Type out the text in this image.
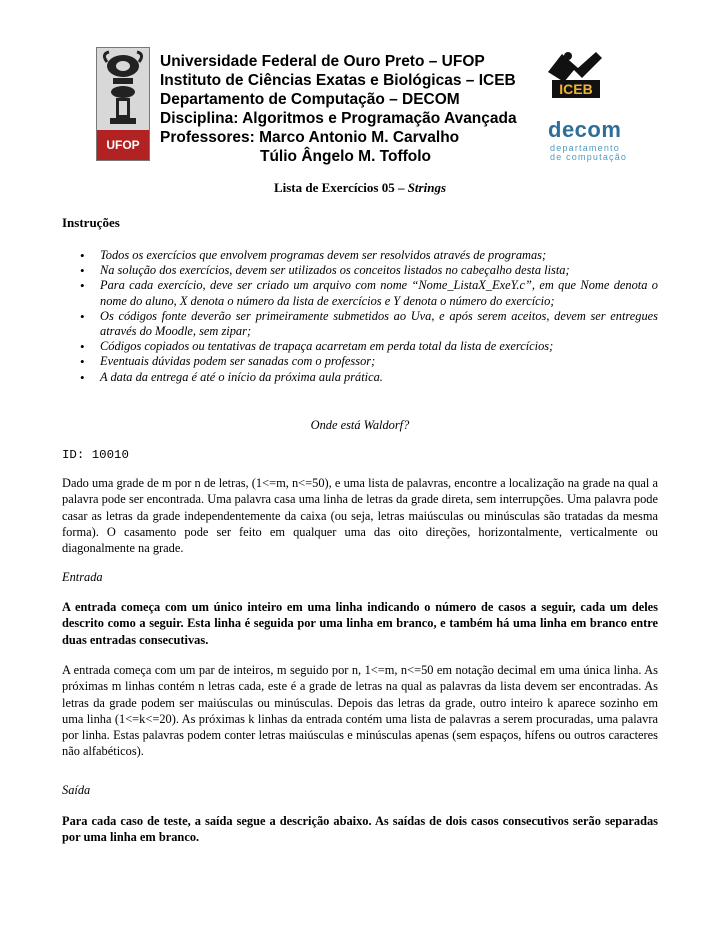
UFOP
Universidade Federal de Ouro Preto – UFOP
Instituto de Ciências Exatas e Biológicas – ICEB
Departamento de Computação – DECOM
Disciplina: Algoritmos e Programação Avançada
Professores: Marco Antonio M. Carvalho
Túlio Ângelo M. Toffolo
ICEB
decom
departamento
de computação
Lista de Exercícios 05 – Strings
Instruções
• Todos os exercícios que envolvem programas devem ser resolvidos através de programas;
• Na solução dos exercícios, devem ser utilizados os conceitos listados no cabeçalho desta lista;
• Para cada exercício, deve ser criado um arquivo com nome “Nome_ListaX_ExeY.c”, em que Nome denota o nome do aluno, X denota o número da lista de exercícios e Y denota o número do exercício;
• Os códigos fonte deverão ser primeiramente submetidos ao Uva, e após serem aceitos, devem ser entregues através do Moodle, sem zipar;
• Códigos copiados ou tentativas de trapaça acarretam em perda total da lista de exercícios;
• Eventuais dúvidas podem ser sanadas com o professor;
• A data da entrega é até o início da próxima aula prática.
Onde está Waldorf?
ID: 10010

Dado uma grade de m por n de letras, (1<=m, n<=50), e uma lista de palavras, encontre a localização na grade na qual a palavra pode ser encontrada. Uma palavra casa uma linha de letras da grade direta, sem interrupções. Uma palavra pode casar as letras da grade independentemente da caixa (ou seja, letras maiúsculas ou minúsculas são tratadas da mesma forma). O casamento pode ser feito em qualquer uma das oito direções, horizontalmente, verticalmente ou diagonalmente na grade.

Entrada

A entrada começa com um único inteiro em uma linha indicando o número de casos a seguir, cada um deles descrito como a seguir. Esta linha é seguida por uma linha em branco, e também há uma linha em branco entre duas entradas consecutivas.

A entrada começa com um par de inteiros, m seguido por n, 1<=m, n<=50 em notação decimal em uma única linha. As próximas m linhas contém n letras cada, este é a grade de letras na qual as palavras da lista devem ser encontradas. As letras da grade podem ser maiúsculas ou minúsculas. Depois das letras da grade, outro inteiro k aparece sozinho em uma linha (1<=k<=20). As próximas k linhas da entrada contém uma lista de palavras a serem procuradas, uma palavra por linha. Estas palavras podem conter letras maiúsculas e minúsculas apenas (sem espaços, hífens ou outros caracteres não alfabéticos).

Saída

Para cada caso de teste, a saída segue a descrição abaixo. As saídas de dois casos consecutivos serão separadas por uma linha em branco.
